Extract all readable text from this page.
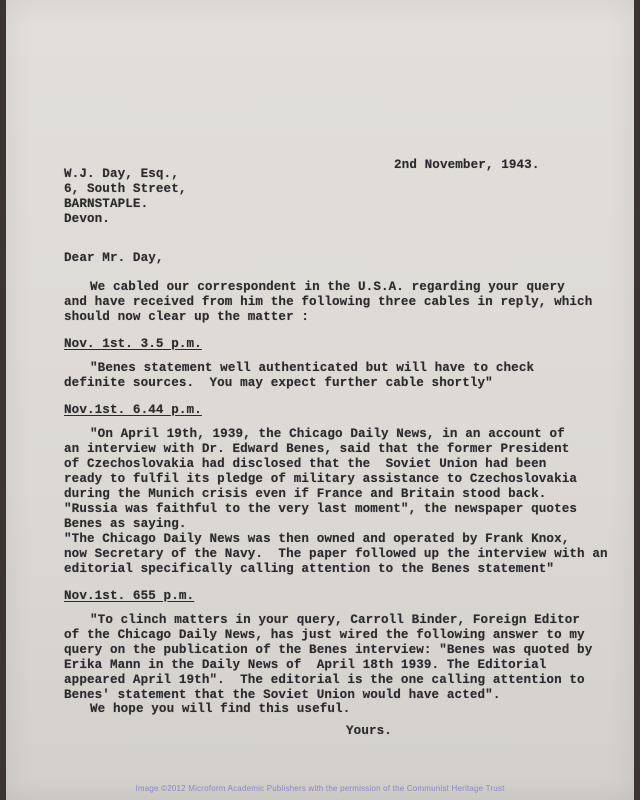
2nd November, 1943.
W.J. Day, Esq.,
6, South Street,
BARNSTAPLE.
Devon.
Dear Mr. Day,
We cabled our correspondent in the U.S.A. regarding your query
and have received from him the following three cables in reply, which
should now clear up the matter :
Nov. 1st. 3.5 p.m.
"Benes statement well authenticated but will have to check
definite sources.  You may expect further cable shortly"
Nov.1st. 6.44 p.m.
"On April 19th, 1939, the Chicago Daily News, in an account of
an interview with Dr. Edward Benes, said that the former President
of Czechoslovakia had disclosed that the  Soviet Union had been
ready to fulfil its pledge of military assistance to Czechoslovakia
during the Munich crisis even if France and Britain stood back.
"Russia was faithful to the very last moment", the newspaper quotes
Benes as saying.
"The Chicago Daily News was then owned and operated by Frank Knox,
now Secretary of the Navy.  The paper followed up the interview with an
editorial specifically calling attention to the Benes statement"
Nov.1st. 655 p.m.
"To clinch matters in your query, Carroll Binder, Foreign Editor
of the Chicago Daily News, has just wired the following answer to my
query on the publication of the Benes interview: "Benes was quoted by
Erika Mann in the Daily News of  April 18th 1939. The Editorial
appeared April 19th".  The editorial is the one calling attention to
Benes' statement that the Soviet Union would have acted".
We hope you will find this useful.
Yours.
Image ©2012 Microform Academic Publishers with the permission of the Communist Heritage Trust
